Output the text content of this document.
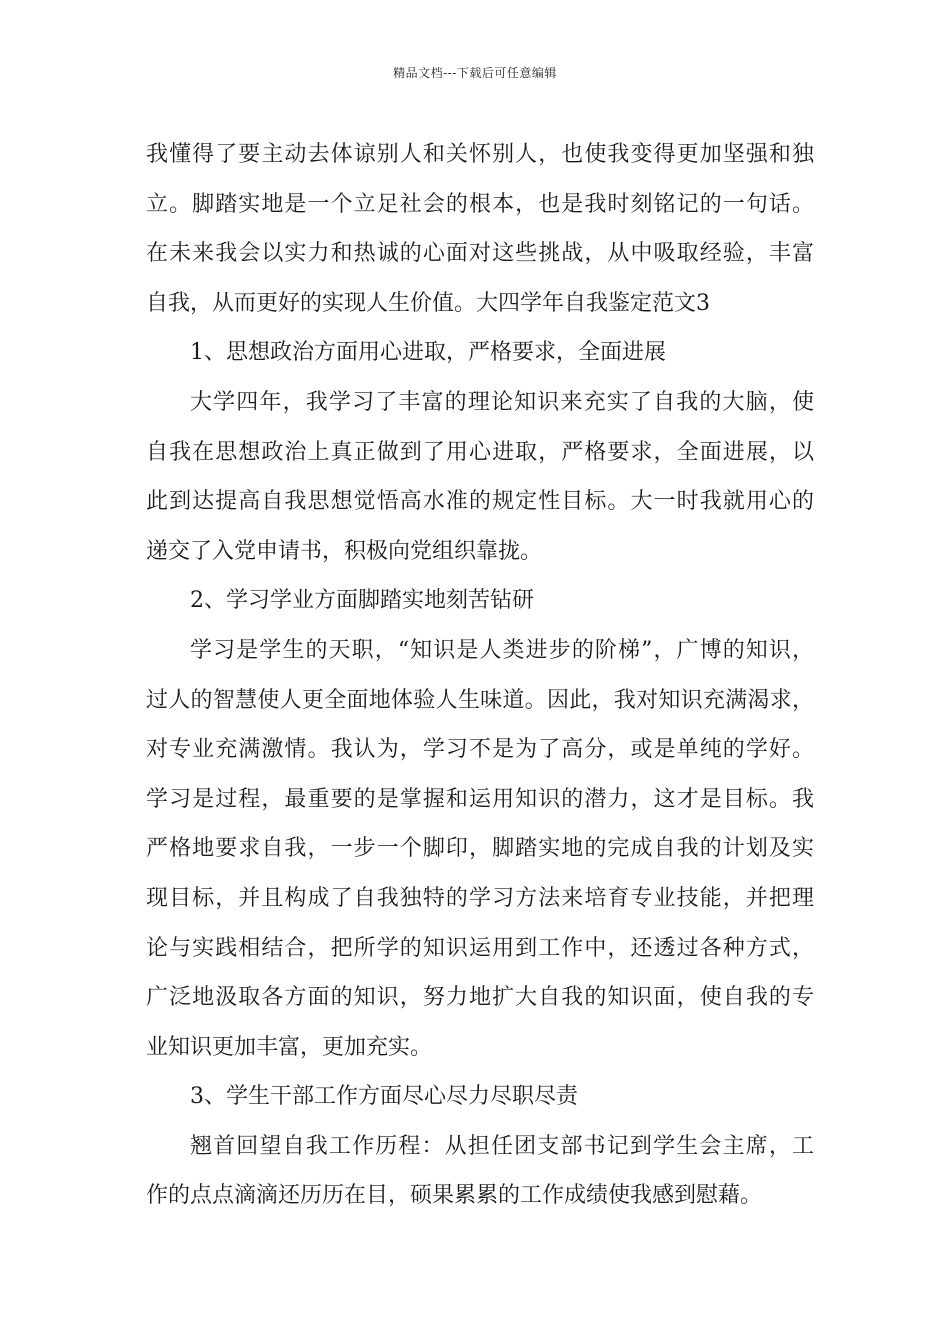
精品文档---下载后可任意编辑
我懂得了要主动去体谅别人和关怀别人，也使我变得更加坚强和独
立。脚踏实地是一个立足社会的根本，也是我时刻铭记的一句话。
在未来我会以实力和热诚的心面对这些挑战，从中吸取经验，丰富
自我，从而更好的实现人生价值。大四学年自我鉴定范文3
1、思想政治方面用心进取，严格要求，全面进展
大学四年，我学习了丰富的理论知识来充实了自我的大脑，使
自我在思想政治上真正做到了用心进取，严格要求，全面进展，以
此到达提高自我思想觉悟高水准的规定性目标。大一时我就用心的
递交了入党申请书，积极向党组织靠拢。
2、学习学业方面脚踏实地刻苦钻研
学习是学生的天职，“知识是人类进步的阶梯”，广博的知识，
过人的智慧使人更全面地体验人生味道。因此，我对知识充满渴求，
对专业充满激情。我认为，学习不是为了高分，或是单纯的学好。
学习是过程，最重要的是掌握和运用知识的潜力，这才是目标。我
严格地要求自我，一步一个脚印，脚踏实地的完成自我的计划及实
现目标，并且构成了自我独特的学习方法来培育专业技能，并把理
论与实践相结合，把所学的知识运用到工作中，还透过各种方式，
广泛地汲取各方面的知识，努力地扩大自我的知识面，使自我的专
业知识更加丰富，更加充实。
3、学生干部工作方面尽心尽力尽职尽责
翘首回望自我工作历程：从担任团支部书记到学生会主席，工
作的点点滴滴还历历在目，硕果累累的工作成绩使我感到慰藉。
